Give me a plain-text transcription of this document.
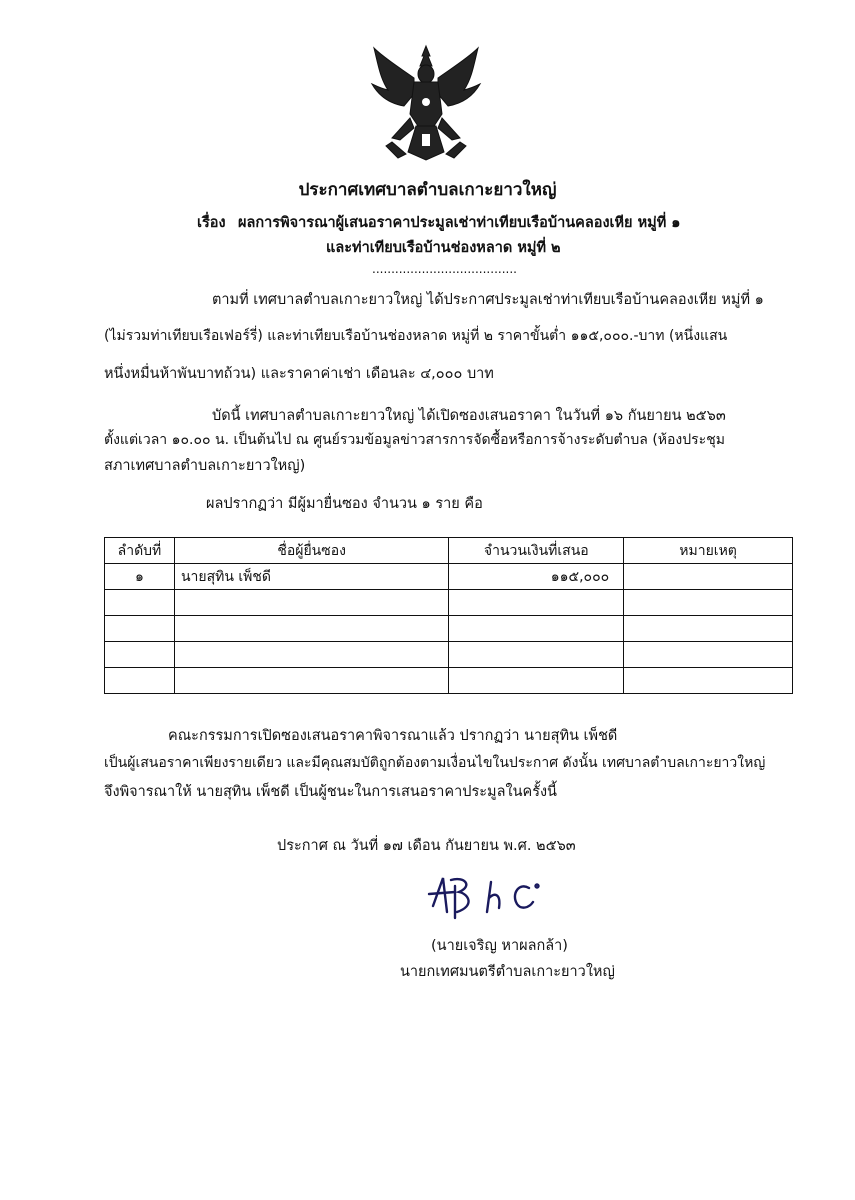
ประกาศเทศบาลตำบลเกาะยาวใหญ่
เรื่อง ผลการพิจารณาผู้เสนอราคาประมูลเช่าท่าเทียบเรือบ้านคลองเหีย หมู่ที่ ๑
และท่าเทียบเรือบ้านช่องหลาด หมู่ที่ ๒
......................................
ตามที่ เทศบาลตำบลเกาะยาวใหญ่ ได้ประกาศประมูลเช่าท่าเทียบเรือบ้านคลองเหีย หมู่ที่ ๑
(ไม่รวมท่าเทียบเรือเฟอร์รี่) และท่าเทียบเรือบ้านช่องหลาด หมู่ที่ ๒ ราคาขั้นต่ำ ๑๑๕,๐๐๐.-บาท (หนึ่งแสน
หนึ่งหมื่นห้าพันบาทถ้วน) และราคาค่าเช่า เดือนละ ๔,๐๐๐ บาท
บัดนี้ เทศบาลตำบลเกาะยาวใหญ่ ได้เปิดซองเสนอราคา ในวันที่ ๑๖ กันยายน ๒๕๖๓
ตั้งแต่เวลา ๑๐.๐๐ น. เป็นต้นไป ณ ศูนย์รวมข้อมูลข่าวสารการจัดซื้อหรือการจ้างระดับตำบล (ห้องประชุม
สภาเทศบาลตำบลเกาะยาวใหญ่)
ผลปรากฏว่า มีผู้มายื่นซอง จำนวน ๑ ราย คือ
ลำดับที่	ชื่อผู้ยื่นซอง	จำนวนเงินที่เสนอ	หมายเหตุ
๑	นายสุทิน เพ็ชดี	๑๑๕,๐๐๐	

คณะกรรมการเปิดซองเสนอราคาพิจารณาแล้ว ปรากฏว่า นายสุทิน เพ็ชดี
เป็นผู้เสนอราคาเพียงรายเดียว และมีคุณสมบัติถูกต้องตามเงื่อนไขในประกาศ ดังนั้น เทศบาลตำบลเกาะยาวใหญ่
จึงพิจารณาให้ นายสุทิน เพ็ชดี เป็นผู้ชนะในการเสนอราคาประมูลในครั้งนี้
ประกาศ ณ วันที่ ๑๗ เดือน กันยายน พ.ศ. ๒๕๖๓
(นายเจริญ หาผลกล้า)
นายกเทศมนตรีตำบลเกาะยาวใหญ่
